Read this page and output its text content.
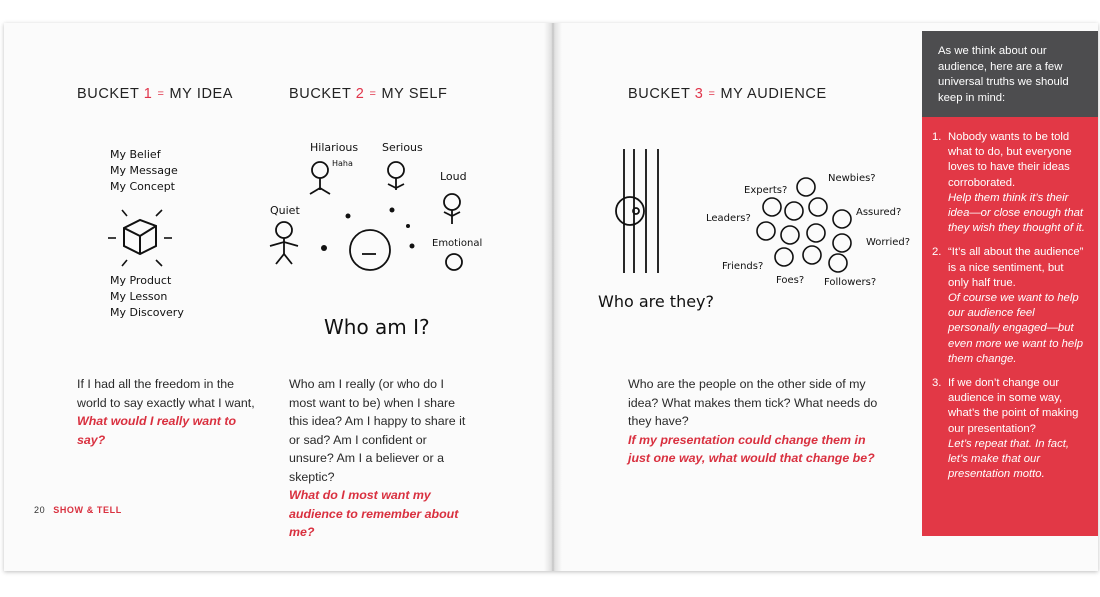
BUCKET 1 = MY IDEA	BUCKET 2 = MY SELF	BUCKET 3 = MY AUDIENCE
My Belief
My Message
My Concept
My Product
My Lesson
My Discovery
Hilarious
Haha
Serious
Loud
Quiet
Emotional
Who am I?
Who are they?
Experts?
Newbies?
Leaders?
Assured?
Worried?
Friends?
Foes? Followers?
If I had all the freedom in the world to say exactly what I want,
What would I really want to say?
Who am I really (or who do I most want to be) when I share this idea? Am I happy to share it or sad? Am I confident or unsure? Am I a believer or a skeptic?
What do I most want my audience to remember about me?
Who are the people on the other side of my idea? What makes them tick? What needs do they have?
If my presentation could change them in just one way, what would that change be?
20 SHOW & TELL

As we think about our audience, here are a few universal truths we should keep in mind:

1. Nobody wants to be told what to do, but everyone loves to have their ideas corroborated.
Help them think it’s their idea—or close enough that they wish they thought of it.
2. “It’s all about the audience” is a nice sentiment, but only half true.
Of course we want to help our audience feel personally engaged—but even more we want to help them change.
3. If we don’t change our audience in some way, what’s the point of making our presentation?
Let’s repeat that. In fact, let’s make that our presentation motto.
